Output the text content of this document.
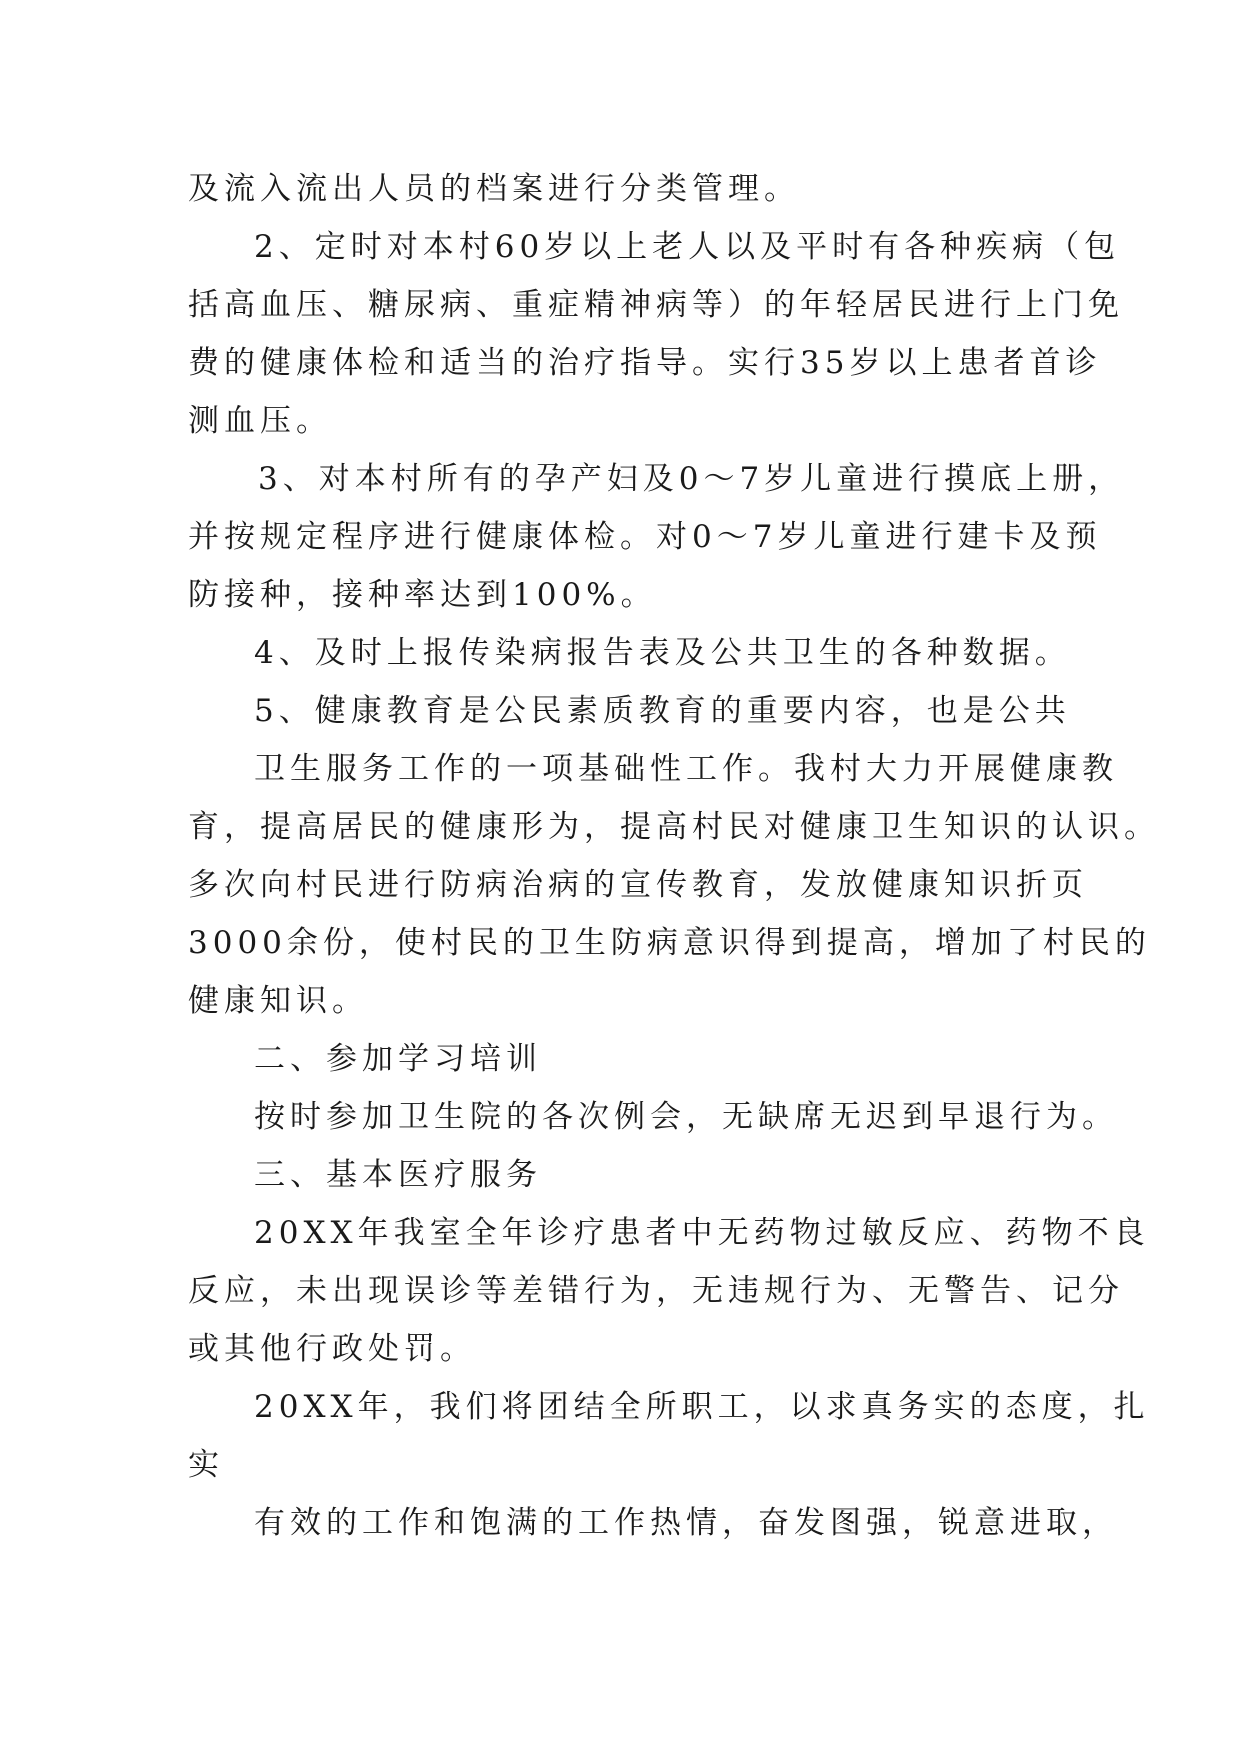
及流入流出人员的档案进行分类管理。
2、定时对本村60岁以上老人以及平时有各种疾病（包
括高血压、糖尿病、重症精神病等）的年轻居民进行上门免
费的健康体检和适当的治疗指导。实行35岁以上患者首诊
测血压。
3、对本村所有的孕产妇及0～7岁儿童进行摸底上册，
并按规定程序进行健康体检。对0～7岁儿童进行建卡及预
防接种，接种率达到100%。
4、及时上报传染病报告表及公共卫生的各种数据。
5、健康教育是公民素质教育的重要内容，也是公共
卫生服务工作的一项基础性工作。我村大力开展健康教
育，提高居民的健康形为，提高村民对健康卫生知识的认识。
多次向村民进行防病治病的宣传教育，发放健康知识折页
3000余份，使村民的卫生防病意识得到提高，增加了村民的
健康知识。
二、参加学习培训
按时参加卫生院的各次例会，无缺席无迟到早退行为。
三、基本医疗服务
20XX年我室全年诊疗患者中无药物过敏反应、药物不良
反应，未出现误诊等差错行为，无违规行为、无警告、记分
或其他行政处罚。
20XX年，我们将团结全所职工，以求真务实的态度，扎
实
有效的工作和饱满的工作热情，奋发图强，锐意进取，
